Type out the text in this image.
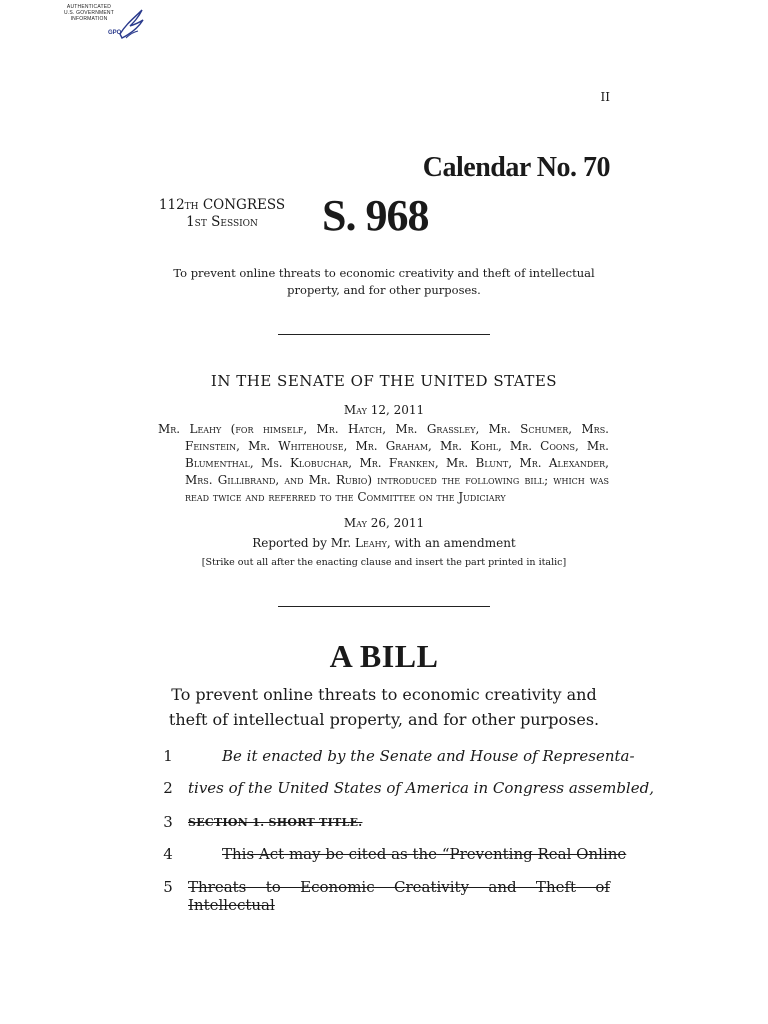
AUTHENTICATED
U.S. GOVERNMENT
INFORMATION
GPO
II
Calendar No. 70
112TH CONGRESS
1ST Session	S. 968
To prevent online threats to economic creativity and theft of intellectual property, and for other purposes.
IN THE SENATE OF THE UNITED STATES
May 12, 2011
Mr. Leahy (for himself, Mr. Hatch, Mr. Grassley, Mr. Schumer, Mrs. Feinstein, Mr. Whitehouse, Mr. Graham, Mr. Kohl, Mr. Coons, Mr. Blumenthal, Ms. Klobuchar, Mr. Franken, Mr. Blunt, Mr. Alexander, Mrs. Gillibrand, and Mr. Rubio) introduced the following bill; which was read twice and referred to the Committee on the Judiciary
May 26, 2011
Reported by Mr. Leahy, with an amendment
[Strike out all after the enacting clause and insert the part printed in italic]
A BILL
To prevent online threats to economic creativity and theft of intellectual property, and for other purposes.
1	Be it enacted by the Senate and House of Representa-
2	tives of the United States of America in Congress assembled,
3	SECTION 1. SHORT TITLE.
4	This Act may be cited as the “Preventing Real Online
5	Threats to Economic Creativity and Theft of Intellectual
